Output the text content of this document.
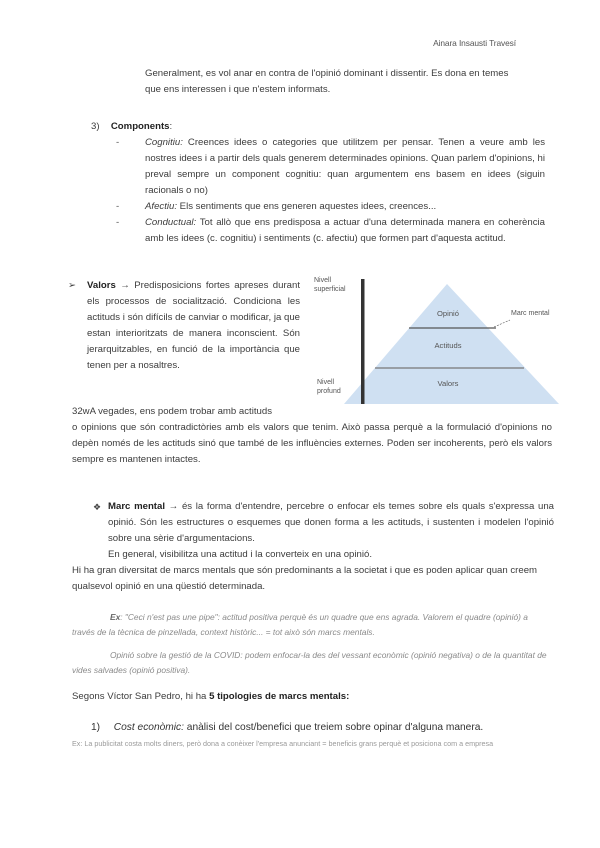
Ainara Insausti Travesí
Generalment, es vol anar en contra de l'opinió dominant i dissentir. Es dona en temes
que ens interessen i que n'estem informats.
3) Components:
-	Cognitiu: Creences idees o categories que utilitzem per pensar. Tenen a veure amb les nostres idees i a partir dels quals generem determinades opinions. Quan parlem d'opinions, hi preval sempre un component cognitiu: quan argumentem ens basem en idees (siguin racionals o no)
-	Afectiu: Els sentiments que ens generen aquestes idees, creences...
-	Conductual: Tot allò que ens predisposa a actuar d'una determinada manera en coherència amb les idees (c. cognitiu) i sentiments (c. afectiu) que formen part d'aquesta actitud.
➢ Valors → Predisposicions fortes apreses durant els processos de socialització. Condiciona les actituds i són difícils de canviar o modificar, ja que estan interioritzats de manera inconscient. Són jerarquitzables, en funció de la importància que tenen per a nosaltres.
Nivell
superficial
Nivell
profund
Opinió
Actituds
Valors
Marc mental
32wA vegades, ens podem trobar amb actituds
o opinions que són contradictòries amb els valors que tenim. Això passa perquè a la formulació d'opinions no depèn només de les actituds sinó que també de les influències externes. Poden ser incoherents, però els valors sempre es mantenen intactes.
❖ Marc mental → és la forma d'entendre, percebre o enfocar els temes sobre els quals s'expressa una opinió. Són les estructures o esquemes que donen forma a les actituds, i sustenten i modelen l'opinió sobre una sèrie d'argumentacions.
En general, visibilitza una actitud i la converteix en una opinió.
Hi ha gran diversitat de marcs mentals que són predominants a la societat i que es poden aplicar quan creem qualsevol opinió en una qüestió determinada.
Ex: "Ceci n'est pas une pipe": actitud positiva perquè és un quadre que ens agrada. Valorem el quadre (opinió) a través de la tècnica de pinzellada, context històric... = tot això són marcs mentals.
Opinió sobre la gestió de la COVID: podem enfocar-la des del vessant econòmic (opinió negativa) o de la quantitat de vides salvades (opinió positiva).
Segons Víctor San Pedro, hi ha 5 tipologies de marcs mentals:
1) Cost econòmic: anàlisi del cost/benefici que treiem sobre opinar d'alguna manera.
Ex: La publicitat costa molts diners, però dona a conèixer l'empresa anunciant = beneficis grans perquè et posiciona com a empresa
